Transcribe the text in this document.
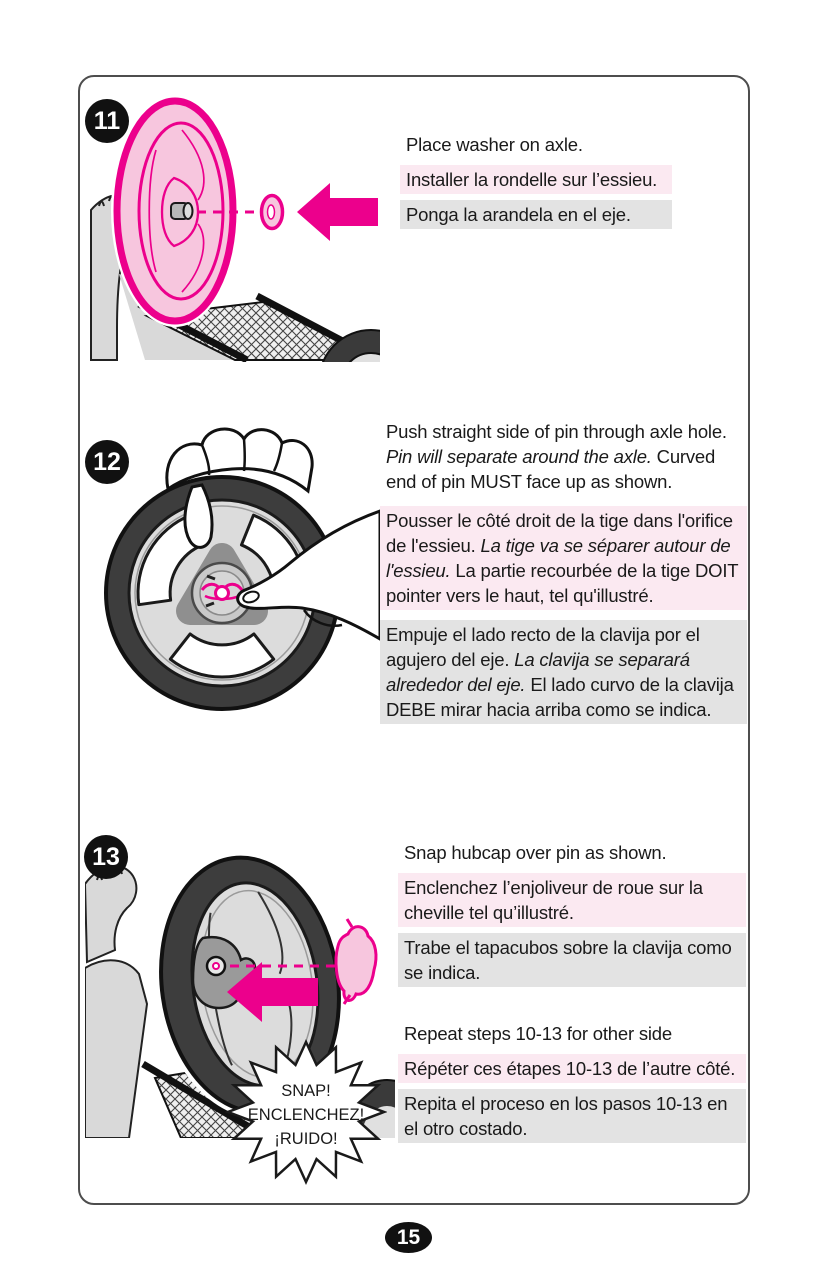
11
Place washer on axle.
Installer la rondelle sur l’essieu.
Ponga la arandela en el eje.
12
Push straight side of pin through axle hole. Pin will separate around the axle. Curved end of pin MUST face up as shown.
Pousser le côté droit de la tige dans l'orifice de l'essieu. La tige va se séparer autour de l'essieu. La partie recourbée de la tige DOIT pointer vers le haut, tel qu'illustré.
Empuje el lado recto de la clavija por el agujero del eje. La clavija se separará alrededor del eje. El lado curvo de la clavija DEBE mirar hacia arriba como se indica.
13
SNAP!
ENCLENCHEZ!
¡RUIDO!
Snap hubcap over pin as shown.
Enclenchez l’enjoliveur de roue sur la cheville tel qu’illustré.
Trabe el tapacubos sobre la clavija como se indica.
Repeat steps 10-13 for other side
Répéter ces étapes 10-13 de l’autre côté.
Repita el proceso en los pasos 10-13 en el otro costado.
15
